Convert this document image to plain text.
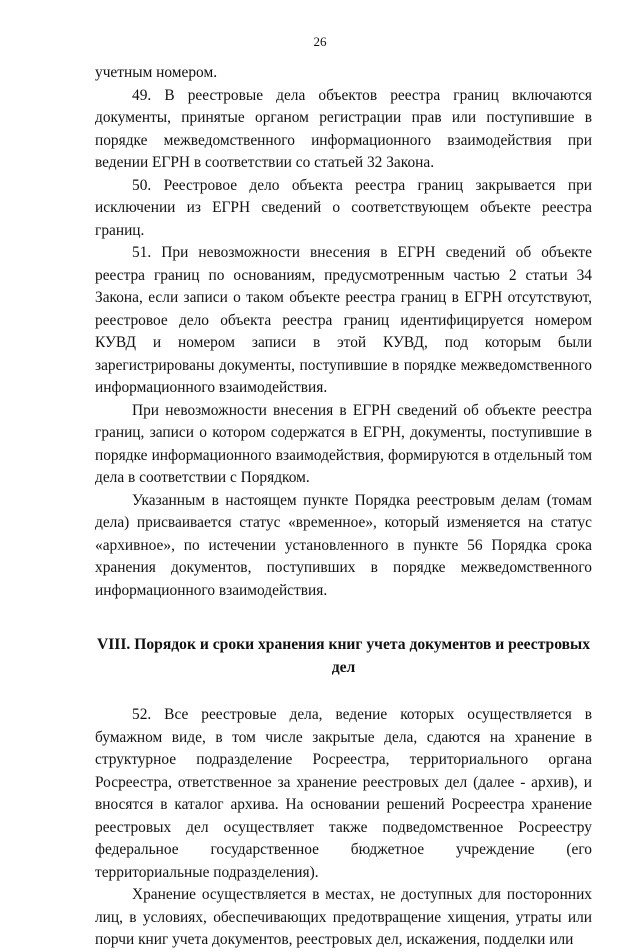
26

учетным номером.

49. В реестровые дела объектов реестра границ включаются документы, принятые органом регистрации прав или поступившие в порядке межведомственного информационного взаимодействия при ведении ЕГРН в соответствии со статьей 32 Закона.

50. Реестровое дело объекта реестра границ закрывается при исключении из ЕГРН сведений о соответствующем объекте реестра границ.

51. При невозможности внесения в ЕГРН сведений об объекте реестра границ по основаниям, предусмотренным частью 2 статьи 34 Закона, если записи о таком объекте реестра границ в ЕГРН отсутствуют, реестровое дело объекта реестра границ идентифицируется номером КУВД и номером записи в этой КУВД, под которым были зарегистрированы документы, поступившие в порядке межведомственного информационного взаимодействия.

При невозможности внесения в ЕГРН сведений об объекте реестра границ, записи о котором содержатся в ЕГРН, документы, поступившие в порядке информационного взаимодействия, формируются в отдельный том дела в соответствии с Порядком.

Указанным в настоящем пункте Порядка реестровым делам (томам дела) присваивается статус «временное», который изменяется на статус «архивное», по истечении установленного в пункте 56 Порядка срока хранения документов, поступивших в порядке межведомственного информационного взаимодействия.

VIII. Порядок и сроки хранения книг учета документов и реестровых дел

52. Все реестровые дела, ведение которых осуществляется в бумажном виде, в том числе закрытые дела, сдаются на хранение в структурное подразделение Росреестра, территориального органа Росреестра, ответственное за хранение реестровых дел (далее - архив), и вносятся в каталог архива. На основании решений Росреестра хранение реестровых дел осуществляет также подведомственное Росреестру федеральное государственное бюджетное учреждение (его территориальные подразделения).

Хранение осуществляется в местах, не доступных для посторонних лиц, в условиях, обеспечивающих предотвращение хищения, утраты или порчи книг учета документов, реестровых дел, искажения, подделки или
